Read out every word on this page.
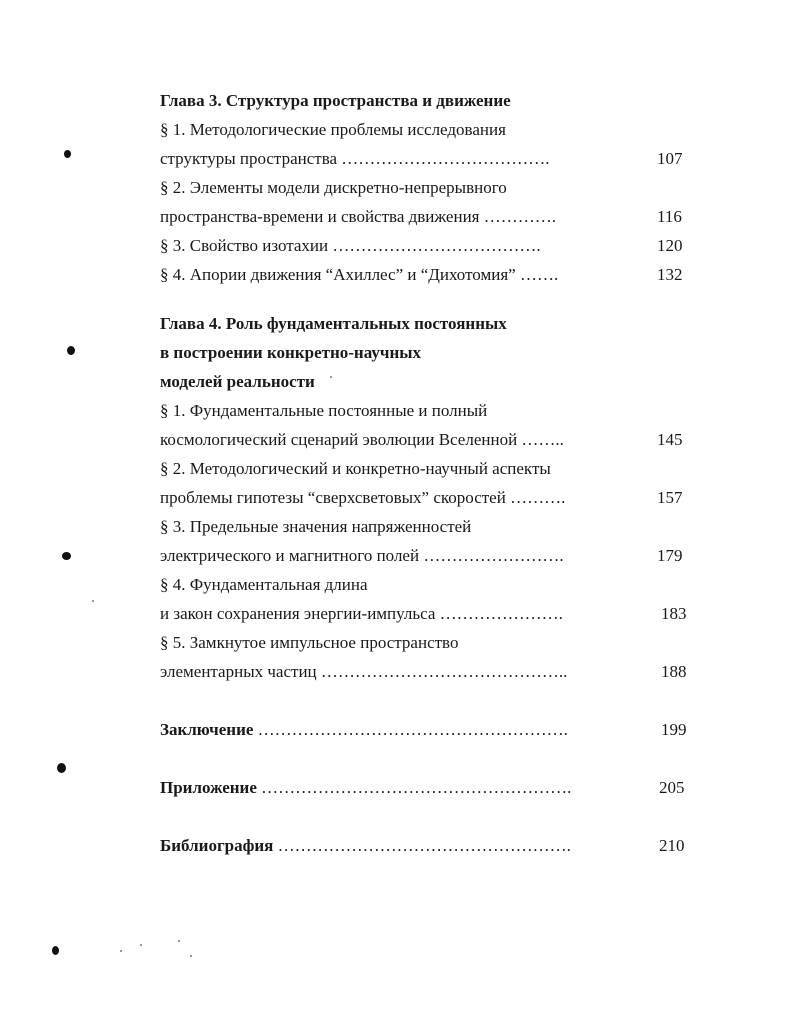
Глава 3. Структура пространства и движение
§ 1. Методологические проблемы исследования
структуры пространства ……………………………….	107
§ 2. Элементы модели дискретно-непрерывного
пространства-времени и свойства движения ………….	116
§ 3. Свойство изотахии ……………………………….	120
§ 4. Апории движения “Ахиллес” и “Дихотомия” …….	132
Глава 4. Роль фундаментальных постоянных
в построении конкретно-научных
моделей реальности
§ 1. Фундаментальные постоянные и полный
космологический сценарий эволюции Вселенной ……..	145
§ 2. Методологический и конкретно-научный аспекты
проблемы гипотезы “сверхсветовых” скоростей ……….	157
§ 3. Предельные значения напряженностей
электрического и магнитного полей …………………….	179
§ 4. Фундаментальная длина
и закон сохранения энергии-импульса ………………….	183
§ 5. Замкнутое импульсное пространство
элементарных частиц ……………………………………..	188
Заключение ……………………………………………….	199
Приложение ……………………………………………….	205
Библиография …………………………………………….	210
